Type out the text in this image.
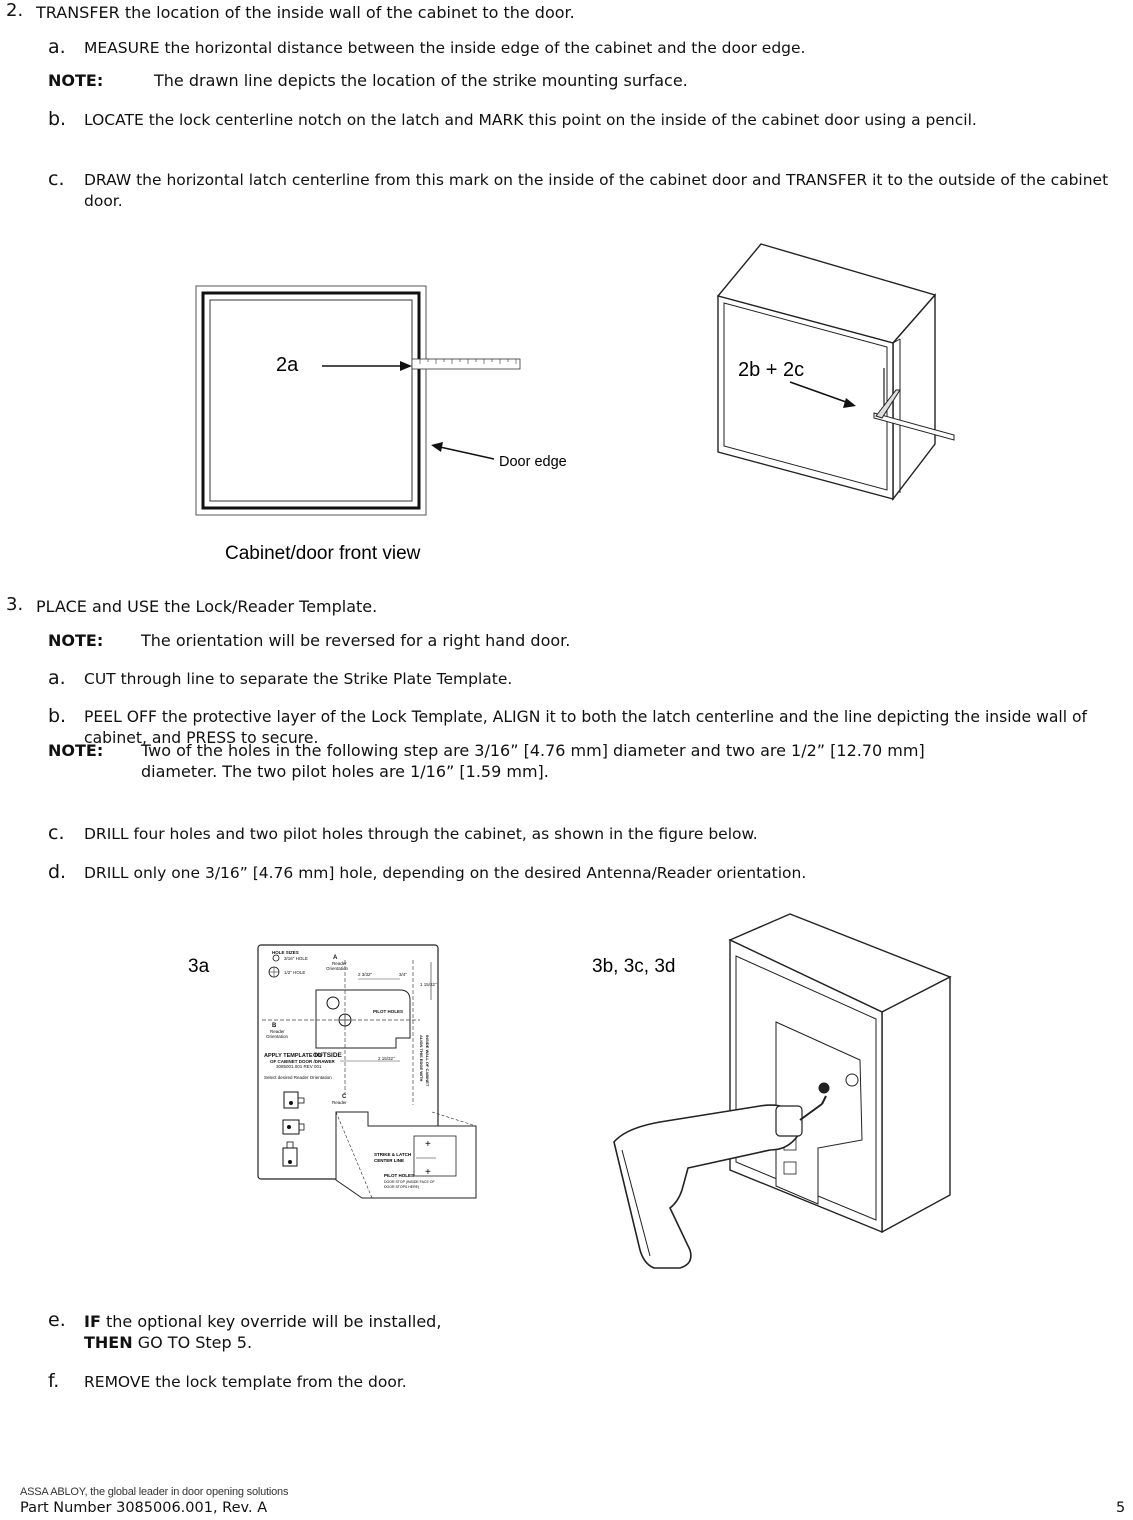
2. TRANSFER the location of the inside wall of the cabinet to the door.
a. MEASURE the horizontal distance between the inside edge of the cabinet and the door edge.
NOTE:	The drawn line depicts the location of the strike mounting surface.
b. LOCATE the lock centerline notch on the latch and MARK this point on the inside of the cabinet door using a pencil.
c. DRAW the horizontal latch centerline from this mark on the inside of the cabinet door and TRANSFER it to the outside of the cabinet door.
2a
Door edge
Cabinet/door front view
2b + 2c
3. PLACE and USE the Lock/Reader Template.
NOTE: The orientation will be reversed for a right hand door.
a. CUT through line to separate the Strike Plate Template.
b. PEEL OFF the protective layer of the Lock Template, ALIGN it to both the latch centerline and the line depicting the inside wall of cabinet, and PRESS to secure.
NOTE: Two of the holes in the following step are 3/16” [4.76 mm] diameter and two are 1/2” [12.70 mm]
diameter. The two pilot holes are 1/16” [1.59 mm].
c. DRILL four holes and two pilot holes through the cabinet, as shown in the figure below.
d. DRILL only one 3/16” [4.76 mm] hole, depending on the desired Antenna/Reader orientation.
3a	3b, 3c, 3d
HOLE SIZES
3/16" HOLE
1/2" HOLE
A
Reader
Orientation
2 3/32"	3/4"
1 15/32"
B
Reader
Orientation
PILOT HOLES
APPLY TEMPLATE TO
OUTSIDE
OF CABINET DOOR /DRAWER
3085001.001 REV 001
Select desired Reader Orientation
2 15/32"
C
Reader
ALIGN THIS EDGE WITH INSIDE WALL OF CABINET
STRIKE & LATCH
CENTER LINE
PILOT HOLES
DOOR STOP (INSIDE FACE OF
DOOR STOPS HERE)
+
+
e. IF the optional key override will be installed,
THEN GO TO Step 5.
f. REMOVE the lock template from the door.
ASSA ABLOY, the global leader in door opening solutions
Part Number 3085006.001, Rev. A	5
